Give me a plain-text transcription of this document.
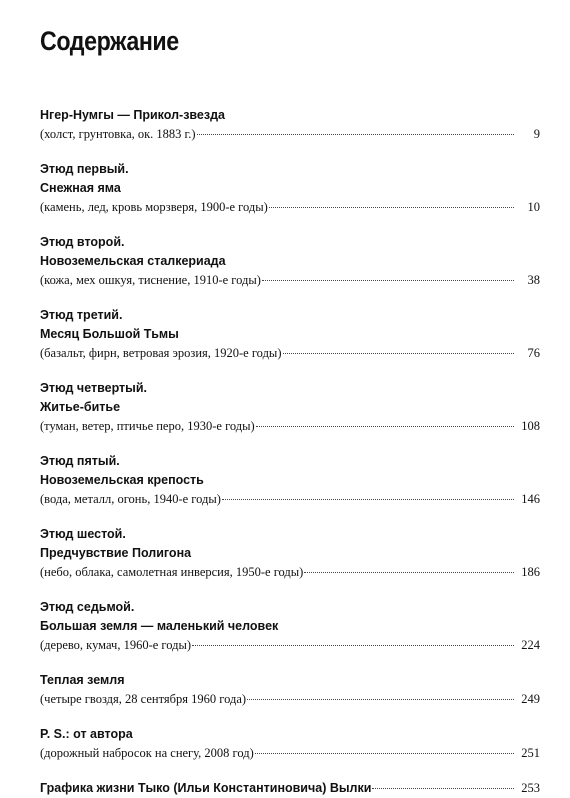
Содержание
Нгер-Нумгы — Прикол-звезда
(холст, грунтовка, ок. 1883 г.)	9
Этюд первый.
Снежная яма
(камень, лед, кровь морзверя, 1900-е годы)	10
Этюд второй.
Новоземельская сталкериада
(кожа, мех ошкуя, тиснение, 1910-е годы)	38
Этюд третий.
Месяц Большой Тьмы
(базальт, фирн, ветровая эрозия, 1920-е годы)	76
Этюд четвертый.
Житье-битье
(туман, ветер, птичье перо, 1930-е годы)	108
Этюд пятый.
Новоземельская крепость
(вода, металл, огонь, 1940-е годы)	146
Этюд шестой.
Предчувствие Полигона
(небо, облака, самолетная инверсия, 1950-е годы)	186
Этюд седьмой.
Большая земля — маленький человек
(дерево, кумач, 1960-е годы)	224
Теплая земля
(четыре гвоздя, 28 сентября 1960 года)	249
P. S.: от автора
(дорожный набросок на снегу, 2008 год)	251
Графика жизни Тыко (Ильи Константиновича) Вылки	253
